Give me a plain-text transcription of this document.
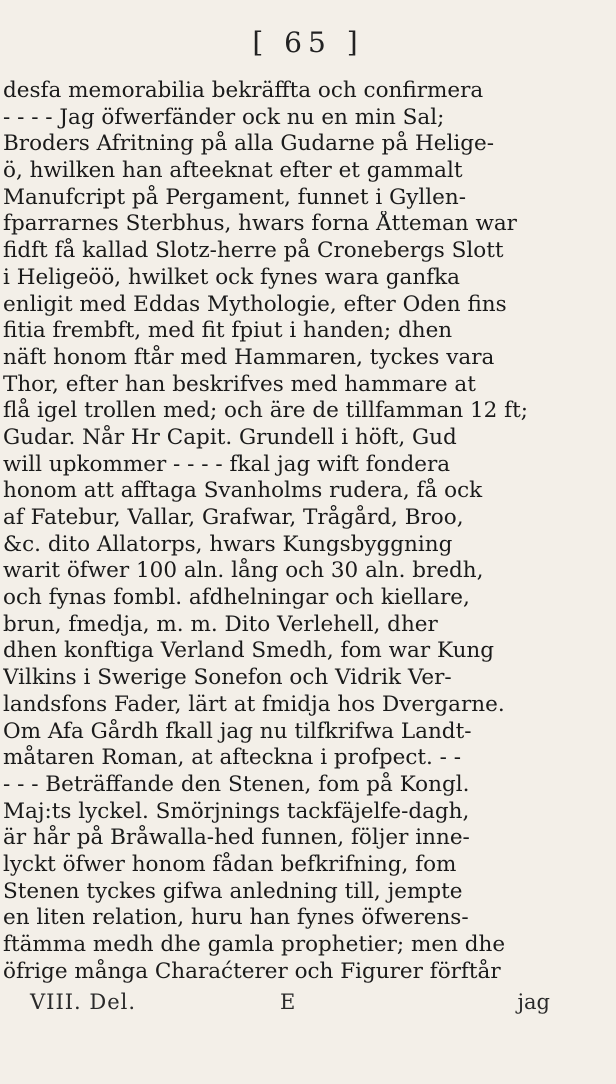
[ 65 ]
desfa memorabilia bekräffta och confirmera
- - - - Jag öfwerfänder ock nu en min Sal;
Broders Afritning på alla Gudarne på Helige-
ö, hwilken han afteeknat efter et gammalt
Manufcript på Pergament, funnet i Gyllen-
fparrarnes Sterbhus, hwars forna Åtteman war
fidft få kallad Slotz-herre på Cronebergs Slott
i Heligeöö, hwilket ock fynes wara ganfka
enligit med Eddas Mythologie, efter Oden fins
fitia frembft, med fit fpiut i handen; dhen
näft honom ftår med Hammaren, tyckes vara
Thor, efter han beskrifves med hammare at
flå igel trollen med; och äre de tillfamman 12 ft;
Gudar. Når Hr Capit. Grundell i höft, Gud
will upkommer - - - - fkal jag wift fondera
honom att afftaga Svanholms rudera, få ock
af Fatebur, Vallar, Grafwar, Trågård, Broo,
&c. dito Allatorps, hwars Kungsbyggning
warit öfwer 100 aln. lång och 30 aln. bredh,
och fynas fombl. afdhelningar och kiellare,
brun, fmedja, m. m. Dito Verlehell, dher
dhen konftiga Verland Smedh, fom war Kung
Vilkins i Swerige Sonefon och Vidrik Ver-
landsfons Fader, lärt at fmidja hos Dvergarne.
Om Afa Gårdh fkall jag nu tilfkrifwa Landt-
måtaren Roman, at afteckna i profpect. - -
- - - Beträffande den Stenen, fom på Kongl.
Maj:ts lyckel. Smörjnings tackfäjelfe-dagh,
är hår på Bråwalla-hed funnen, följer inne-
lyckt öfwer honom fådan befkrifning, fom
Stenen tyckes gifwa anledning till, jempte
en liten relation, huru han fynes öfwerens-
ftämma medh dhe gamla prophetier; men dhe
öfrige många Charaćterer och Figurer förftår
VIII. Del.	E	jag
